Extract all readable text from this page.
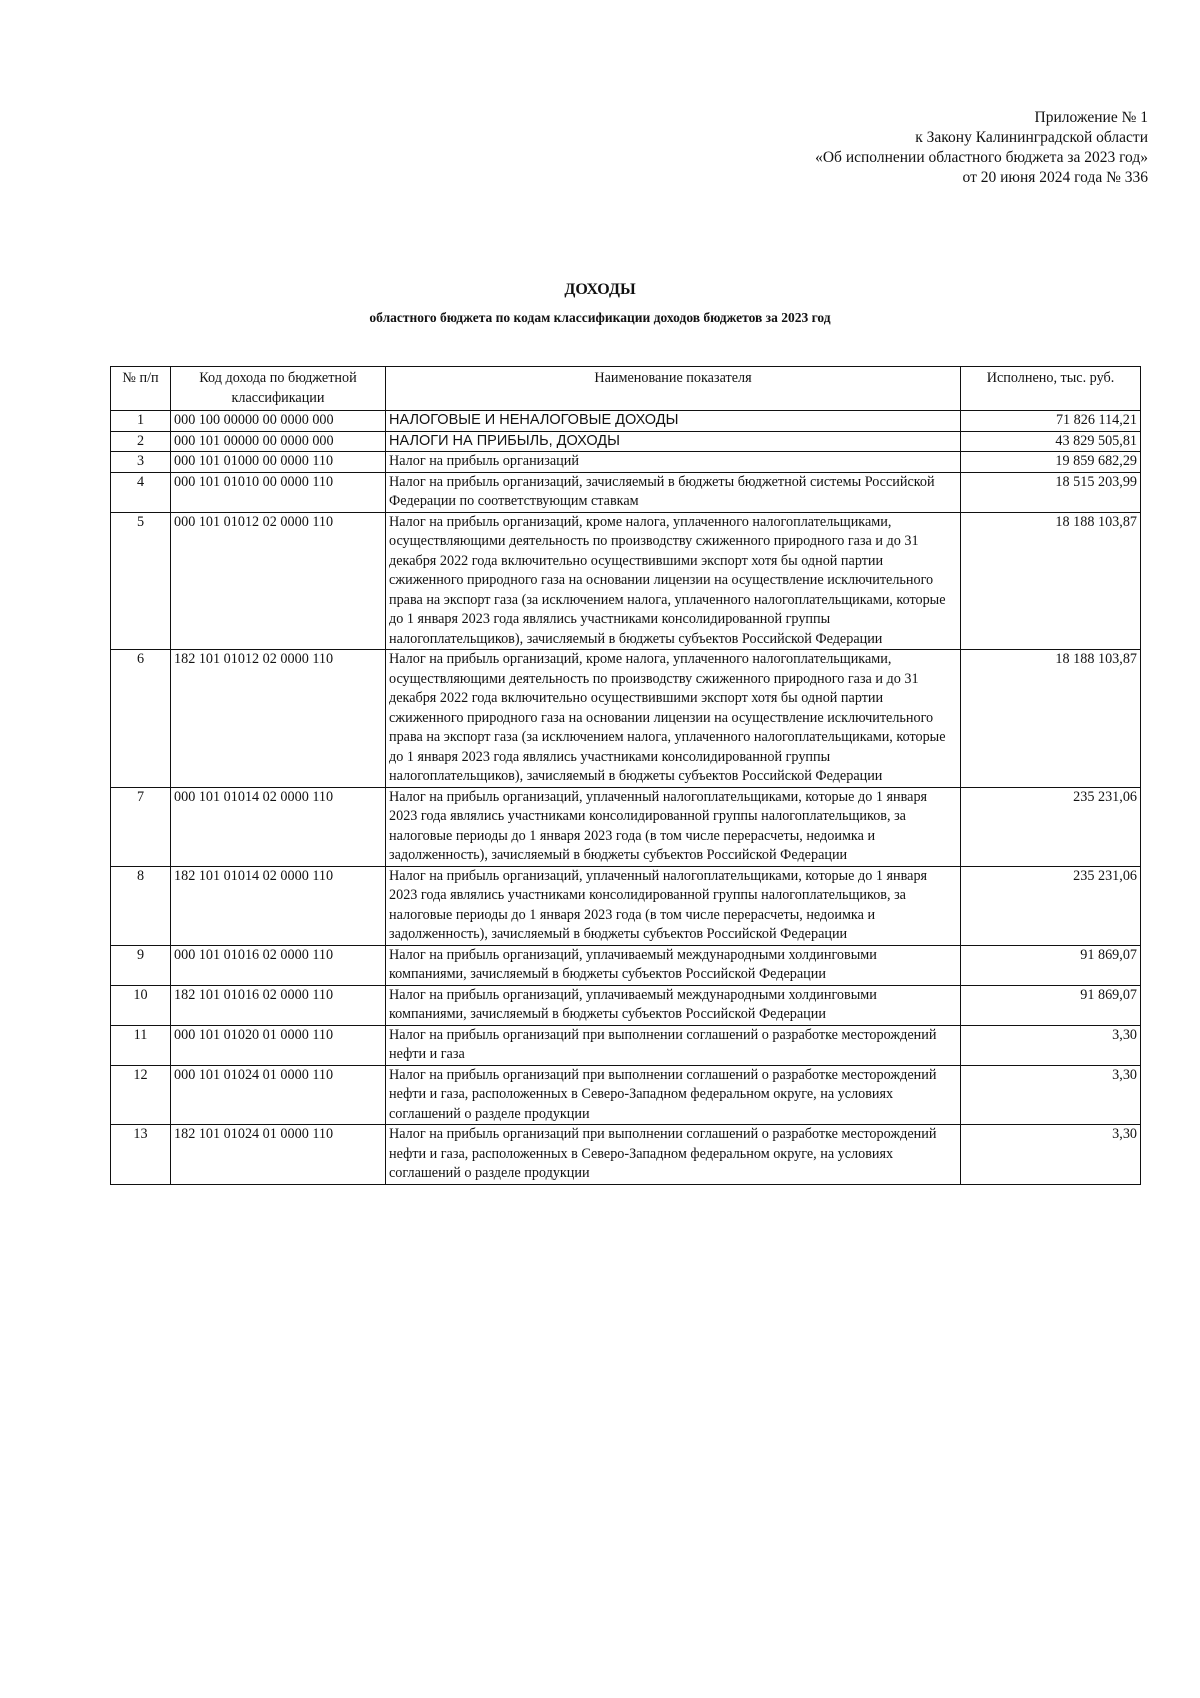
Приложение № 1
к Закону Калининградской области
«Об исполнении областного бюджета за 2023 год»
от 20 июня 2024 года № 336
ДОХОДЫ
областного бюджета по кодам классификации доходов бюджетов за 2023 год
№ п/п	Код дохода по бюджетной классификации	Наименование показателя	Исполнено, тыс. руб.
1	000 100 00000 00 0000 000	НАЛОГОВЫЕ И НЕНАЛОГОВЫЕ ДОХОДЫ	71 826 114,21
2	000 101 00000 00 0000 000	НАЛОГИ НА ПРИБЫЛЬ, ДОХОДЫ	43 829 505,81
3	000 101 01000 00 0000 110	Налог на прибыль организаций	19 859 682,29
4	000 101 01010 00 0000 110	Налог на прибыль организаций, зачисляемый в бюджеты бюджетной системы Российской Федерации по соответствующим ставкам	18 515 203,99
5	000 101 01012 02 0000 110	Налог на прибыль организаций, кроме налога, уплаченного налогоплательщиками, осуществляющими деятельность по производству сжиженного природного газа и до 31 декабря 2022 года включительно осуществившими экспорт хотя бы одной партии сжиженного природного газа на основании лицензии на осуществление исключительного права на экспорт газа (за исключением налога, уплаченного налогоплательщиками, которые до 1 января 2023 года являлись участниками консолидированной группы налогоплательщиков), зачисляемый в бюджеты субъектов Российской Федерации	18 188 103,87
6	182 101 01012 02 0000 110	Налог на прибыль организаций, кроме налога, уплаченного налогоплательщиками, осуществляющими деятельность по производству сжиженного природного газа и до 31 декабря 2022 года включительно осуществившими экспорт хотя бы одной партии сжиженного природного газа на основании лицензии на осуществление исключительного права на экспорт газа (за исключением налога, уплаченного налогоплательщиками, которые до 1 января 2023 года являлись участниками консолидированной группы налогоплательщиков), зачисляемый в бюджеты субъектов Российской Федерации	18 188 103,87
7	000 101 01014 02 0000 110	Налог на прибыль организаций, уплаченный налогоплательщиками, которые до 1 января 2023 года являлись участниками консолидированной группы налогоплательщиков, за налоговые периоды до 1 января 2023 года (в том числе перерасчеты, недоимка и задолженность), зачисляемый в бюджеты субъектов Российской Федерации	235 231,06
8	182 101 01014 02 0000 110	Налог на прибыль организаций, уплаченный налогоплательщиками, которые до 1 января 2023 года являлись участниками консолидированной группы налогоплательщиков, за налоговые периоды до 1 января 2023 года (в том числе перерасчеты, недоимка и задолженность), зачисляемый в бюджеты субъектов Российской Федерации	235 231,06
9	000 101 01016 02 0000 110	Налог на прибыль организаций, уплачиваемый международными холдинговыми компаниями, зачисляемый в бюджеты субъектов Российской Федерации	91 869,07
10	182 101 01016 02 0000 110	Налог на прибыль организаций, уплачиваемый международными холдинговыми компаниями, зачисляемый в бюджеты субъектов Российской Федерации	91 869,07
11	000 101 01020 01 0000 110	Налог на прибыль организаций при выполнении соглашений о разработке месторождений нефти и газа	3,30
12	000 101 01024 01 0000 110	Налог на прибыль организаций при выполнении соглашений о разработке месторождений нефти и газа, расположенных в Северо-Западном федеральном округе, на условиях соглашений о разделе продукции	3,30
13	182 101 01024 01 0000 110	Налог на прибыль организаций при выполнении соглашений о разработке месторождений нефти и газа, расположенных в Северо-Западном федеральном округе, на условиях соглашений о разделе продукции	3,30
